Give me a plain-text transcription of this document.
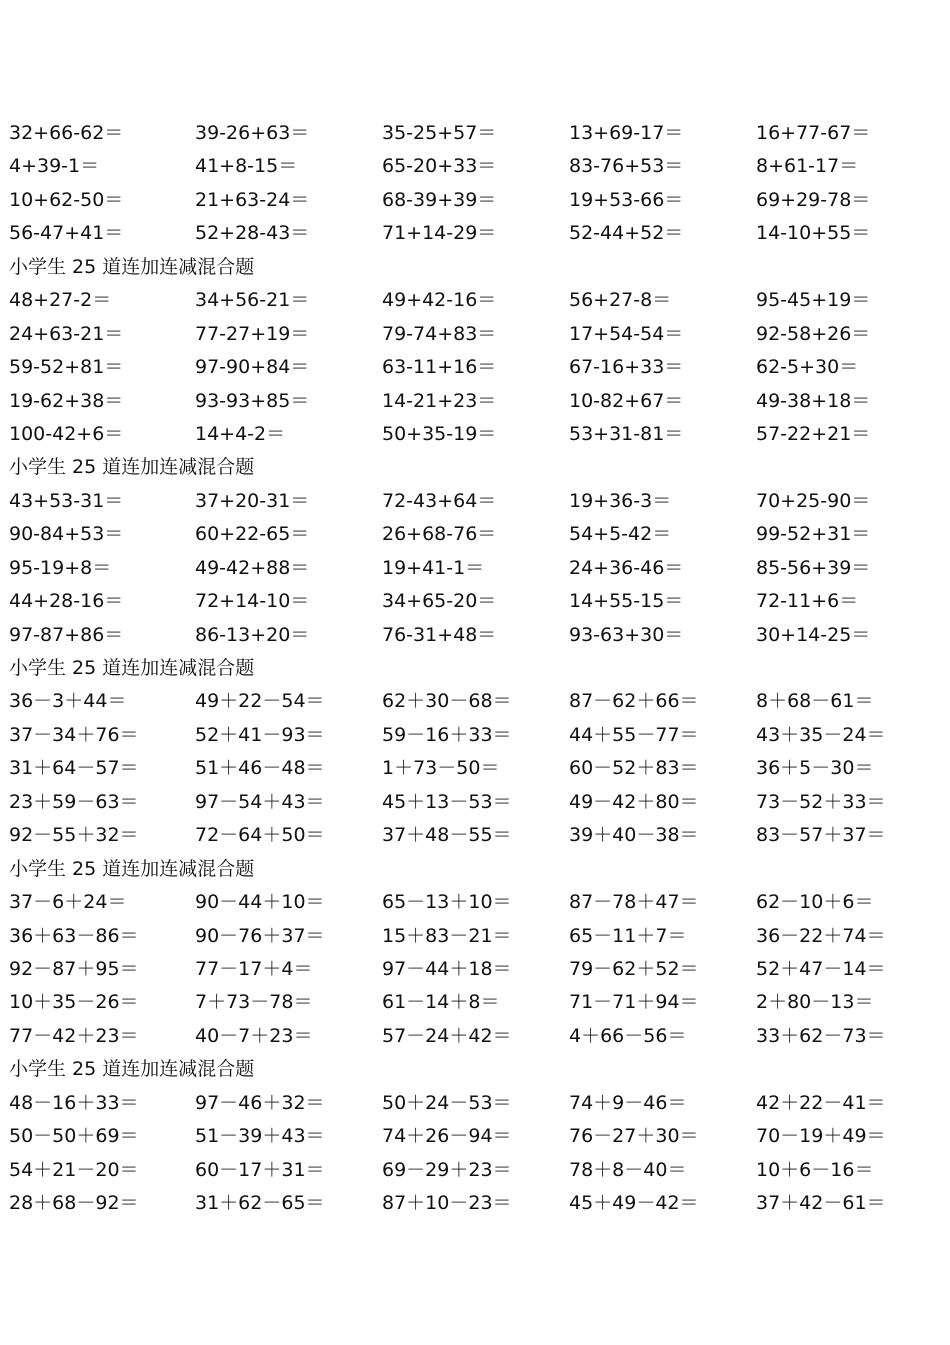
32+66-62＝	39-26+63＝	35-25+57＝	13+69-17＝	16+77-67＝
4+39-1＝	41+8-15＝	65-20+33＝	83-76+53＝	8+61-17＝
10+62-50＝	21+63-24＝	68-39+39＝	19+53-66＝	69+29-78＝
56-47+41＝	52+28-43＝	71+14-29＝	52-44+52＝	14-10+55＝
小学生 25 道连加连减混合题
48+27-2＝	34+56-21＝	49+42-16＝	56+27-8＝	95-45+19＝
24+63-21＝	77-27+19＝	79-74+83＝	17+54-54＝	92-58+26＝
59-52+81＝	97-90+84＝	63-11+16＝	67-16+33＝	62-5+30＝
19-62+38＝	93-93+85＝	14-21+23＝	10-82+67＝	49-38+18＝
100-42+6＝	14+4-2＝	50+35-19＝	53+31-81＝	57-22+21＝
小学生 25 道连加连减混合题
43+53-31＝	37+20-31＝	72-43+64＝	19+36-3＝	70+25-90＝
90-84+53＝	60+22-65＝	26+68-76＝	54+5-42＝	99-52+31＝
95-19+8＝	49-42+88＝	19+41-1＝	24+36-46＝	85-56+39＝
44+28-16＝	72+14-10＝	34+65-20＝	14+55-15＝	72-11+6＝
97-87+86＝	86-13+20＝	76-31+48＝	93-63+30＝	30+14-25＝
小学生 25 道连加连减混合题
36－3＋44＝	49＋22－54＝	62＋30－68＝	87－62＋66＝	8＋68－61＝
37－34＋76＝	52＋41－93＝	59－16＋33＝	44＋55－77＝	43＋35－24＝
31＋64－57＝	51＋46－48＝	1＋73－50＝	60－52＋83＝	36＋5－30＝
23＋59－63＝	97－54＋43＝	45＋13－53＝	49－42＋80＝	73－52＋33＝
92－55＋32＝	72－64＋50＝	37＋48－55＝	39＋40－38＝	83－57＋37＝
小学生 25 道连加连减混合题
37－6＋24＝	90－44＋10＝	65－13＋10＝	87－78＋47＝	62－10＋6＝
36＋63－86＝	90－76＋37＝	15＋83－21＝	65－11＋7＝	36－22＋74＝
92－87＋95＝	77－17＋4＝	97－44＋18＝	79－62＋52＝	52＋47－14＝
10＋35－26＝	7＋73－78＝	61－14＋8＝	71－71＋94＝	2＋80－13＝
77－42＋23＝	40－7＋23＝	57－24＋42＝	4＋66－56＝	33＋62－73＝
小学生 25 道连加连减混合题
48－16＋33＝	97－46＋32＝	50＋24－53＝	74＋9－46＝	42＋22－41＝
50－50＋69＝	51－39＋43＝	74＋26－94＝	76－27＋30＝	70－19＋49＝
54＋21－20＝	60－17＋31＝	69－29＋23＝	78＋8－40＝	10＋6－16＝
28＋68－92＝	31＋62－65＝	87＋10－23＝	45＋49－42＝	37＋42－61＝
